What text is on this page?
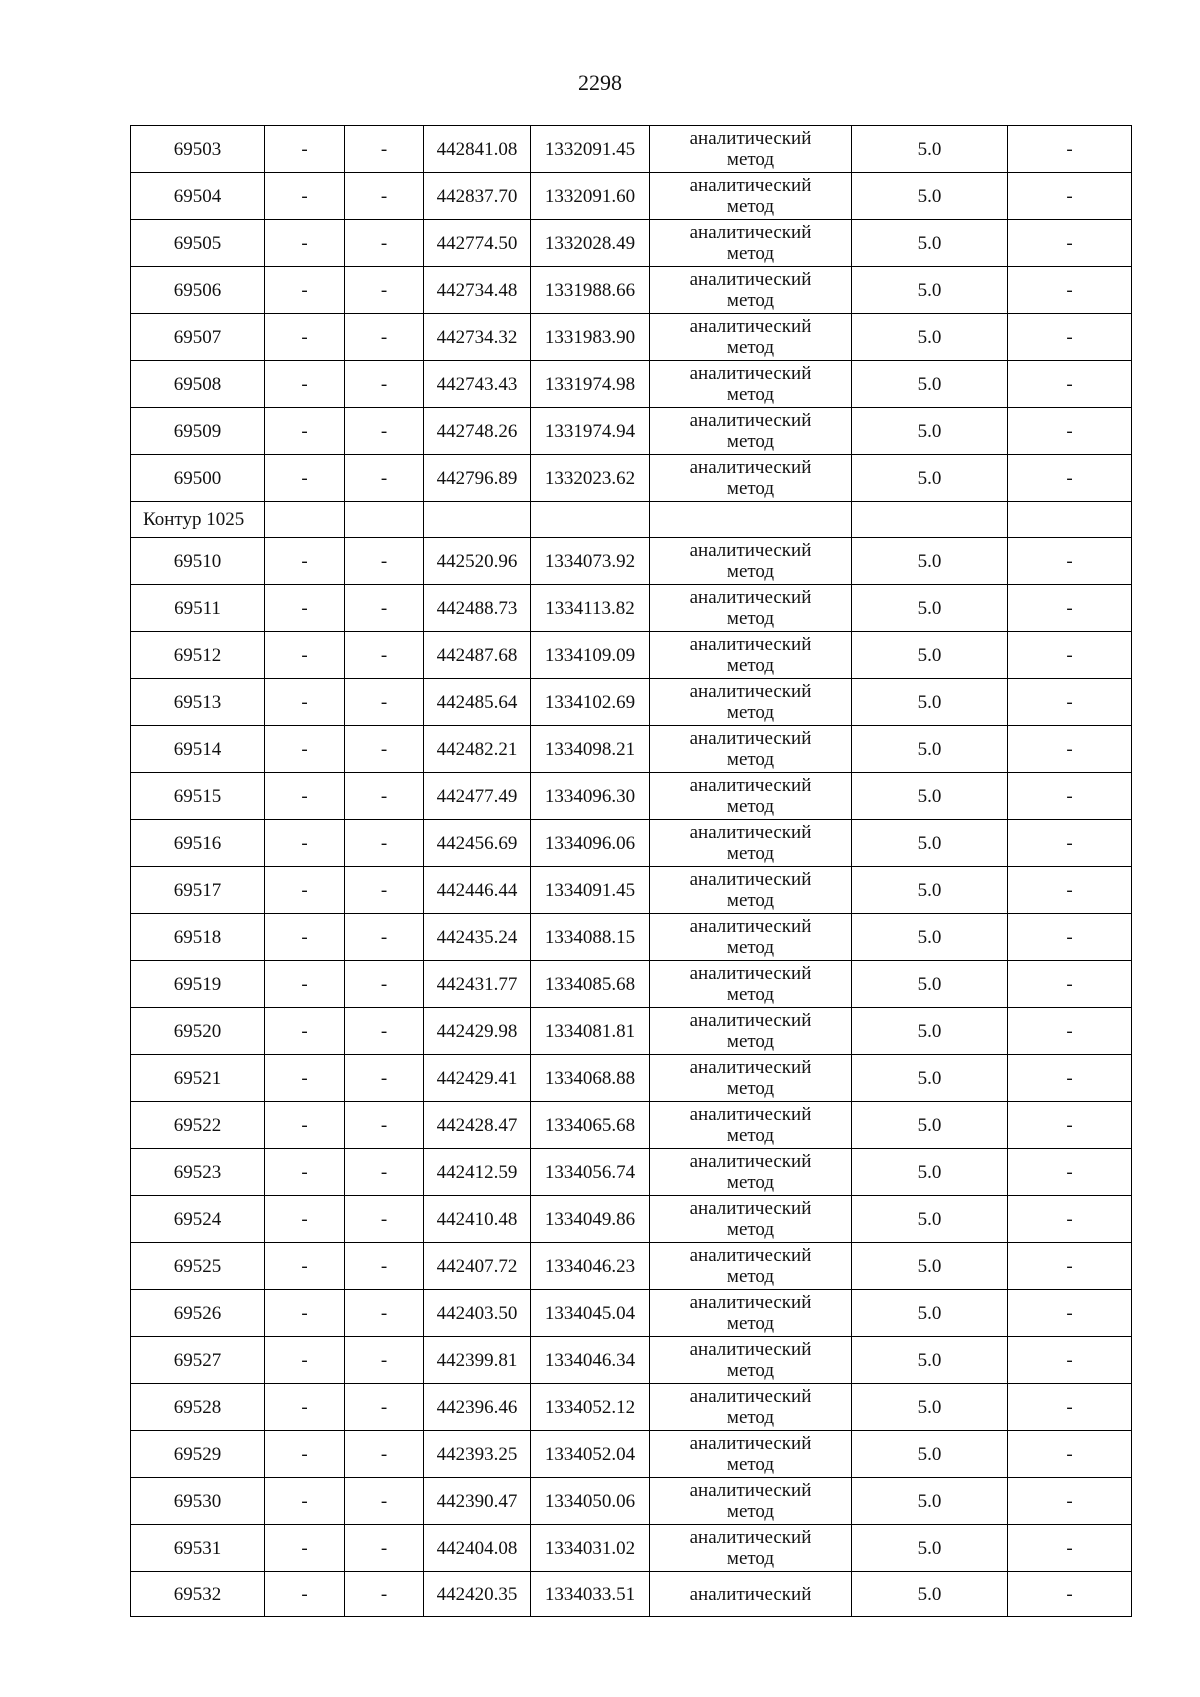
2298
69503	-	-	442841.08	1332091.45	аналитический
метод	5.0	-
69504	-	-	442837.70	1332091.60	аналитический
метод	5.0	-
69505	-	-	442774.50	1332028.49	аналитический
метод	5.0	-
69506	-	-	442734.48	1331988.66	аналитический
метод	5.0	-
69507	-	-	442734.32	1331983.90	аналитический
метод	5.0	-
69508	-	-	442743.43	1331974.98	аналитический
метод	5.0	-
69509	-	-	442748.26	1331974.94	аналитический
метод	5.0	-
69500	-	-	442796.89	1332023.62	аналитический
метод	5.0	-
Контур 1025							
69510	-	-	442520.96	1334073.92	аналитический
метод	5.0	-
69511	-	-	442488.73	1334113.82	аналитический
метод	5.0	-
69512	-	-	442487.68	1334109.09	аналитический
метод	5.0	-
69513	-	-	442485.64	1334102.69	аналитический
метод	5.0	-
69514	-	-	442482.21	1334098.21	аналитический
метод	5.0	-
69515	-	-	442477.49	1334096.30	аналитический
метод	5.0	-
69516	-	-	442456.69	1334096.06	аналитический
метод	5.0	-
69517	-	-	442446.44	1334091.45	аналитический
метод	5.0	-
69518	-	-	442435.24	1334088.15	аналитический
метод	5.0	-
69519	-	-	442431.77	1334085.68	аналитический
метод	5.0	-
69520	-	-	442429.98	1334081.81	аналитический
метод	5.0	-
69521	-	-	442429.41	1334068.88	аналитический
метод	5.0	-
69522	-	-	442428.47	1334065.68	аналитический
метод	5.0	-
69523	-	-	442412.59	1334056.74	аналитический
метод	5.0	-
69524	-	-	442410.48	1334049.86	аналитический
метод	5.0	-
69525	-	-	442407.72	1334046.23	аналитический
метод	5.0	-
69526	-	-	442403.50	1334045.04	аналитический
метод	5.0	-
69527	-	-	442399.81	1334046.34	аналитический
метод	5.0	-
69528	-	-	442396.46	1334052.12	аналитический
метод	5.0	-
69529	-	-	442393.25	1334052.04	аналитический
метод	5.0	-
69530	-	-	442390.47	1334050.06	аналитический
метод	5.0	-
69531	-	-	442404.08	1334031.02	аналитический
метод	5.0	-
69532	-	-	442420.35	1334033.51	аналитический	5.0	-
